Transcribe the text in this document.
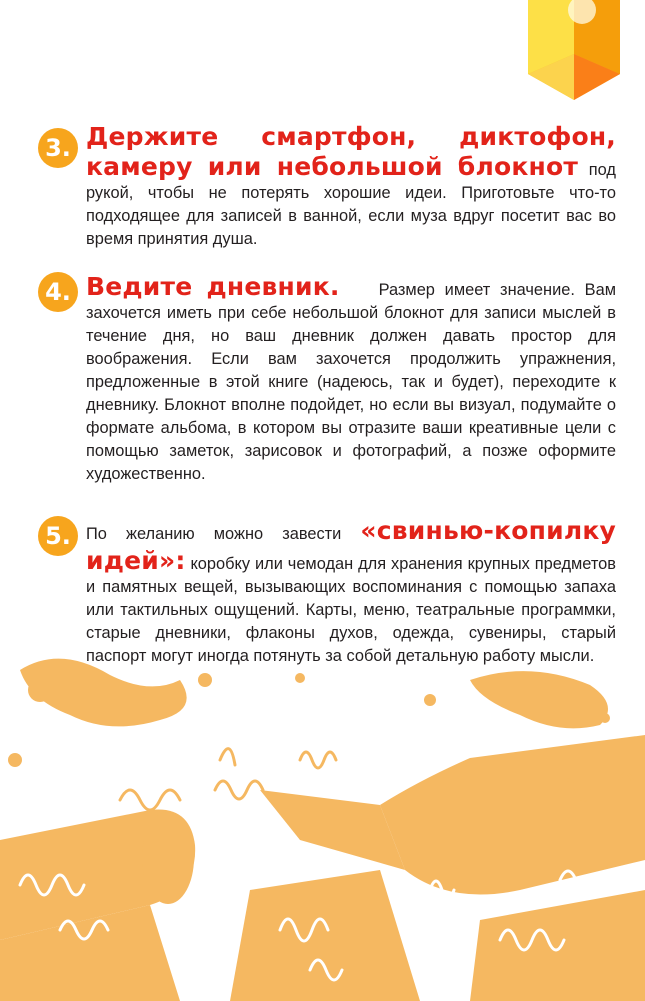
3. Держите смартфон, диктофон, камеру или небольшой блокнот под рукой, чтобы не потерять хорошие идеи. Приготовьте что-то подходящее для записей в ванной, если муза вдруг посетит вас во время принятия душа.
4. Ведите дневник. Размер имеет значение. Вам захочется иметь при себе небольшой блокнот для записи мыслей в течение дня, но ваш дневник должен давать простор для воображения. Если вам захочется продолжить упражнения, предложенные в этой книге (надеюсь, так и будет), переходите к дневнику. Блокнот вполне подойдет, но если вы визуал, подумайте о формате альбома, в котором вы отразите ваши креативные цели с помощью заметок, зарисовок и фотографий, а позже оформите художественно.
5. По желанию можно завести «свинью-копилку идей»: коробку или чемодан для хранения крупных предметов и памятных вещей, вызывающих воспоминания с помощью запаха или тактильных ощущений. Карты, меню, театральные программки, старые дневники, флаконы духов, одежда, сувениры, старый паспорт могут иногда потянуть за собой детальную работу мысли.
